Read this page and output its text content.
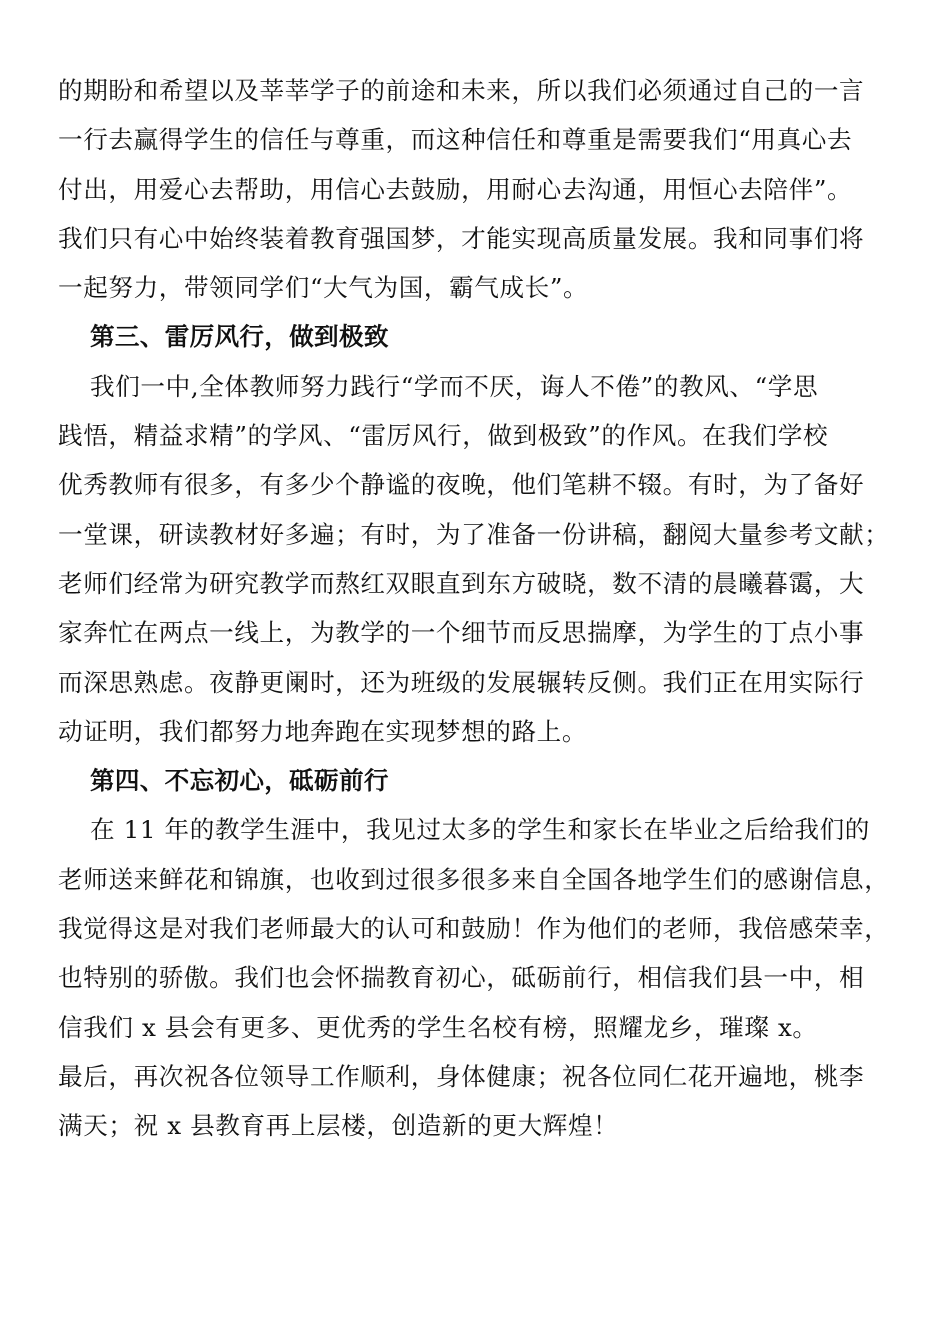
的期盼和希望以及莘莘学子的前途和未来，所以我们必须通过自己的一言
一行去赢得学生的信任与尊重，而这种信任和尊重是需要我们“用真心去
付出，用爱心去帮助，用信心去鼓励，用耐心去沟通，用恒心去陪伴”。
我们只有心中始终装着教育强国梦，才能实现高质量发展。我和同事们将
一起努力，带领同学们“大气为国，霸气成长”。
第三、雷厉风行，做到极致
我们一中,全体教师努力践行“学而不厌，诲人不倦”的教风、“学思
践悟，精益求精”的学风、“雷厉风行，做到极致”的作风。在我们学校
优秀教师有很多，有多少个静谧的夜晚，他们笔耕不辍。有时，为了备好
一堂课，研读教材好多遍；有时，为了准备一份讲稿，翻阅大量参考文献；
老师们经常为研究教学而熬红双眼直到东方破晓，数不清的晨曦暮霭，大
家奔忙在两点一线上，为教学的一个细节而反思揣摩，为学生的丁点小事
而深思熟虑。夜静更阑时，还为班级的发展辗转反侧。我们正在用实际行
动证明，我们都努力地奔跑在实现梦想的路上。
第四、不忘初心，砥砺前行
在 11 年的教学生涯中，我见过太多的学生和家长在毕业之后给我们的
老师送来鲜花和锦旗，也收到过很多很多来自全国各地学生们的感谢信息，
我觉得这是对我们老师最大的认可和鼓励！作为他们的老师，我倍感荣幸，
也特别的骄傲。我们也会怀揣教育初心，砥砺前行，相信我们县一中，相
信我们 x 县会有更多、更优秀的学生名校有榜，照耀龙乡，璀璨 x。
最后，再次祝各位领导工作顺利，身体健康；祝各位同仁花开遍地，桃李
满天；祝 x 县教育再上层楼，创造新的更大辉煌！
